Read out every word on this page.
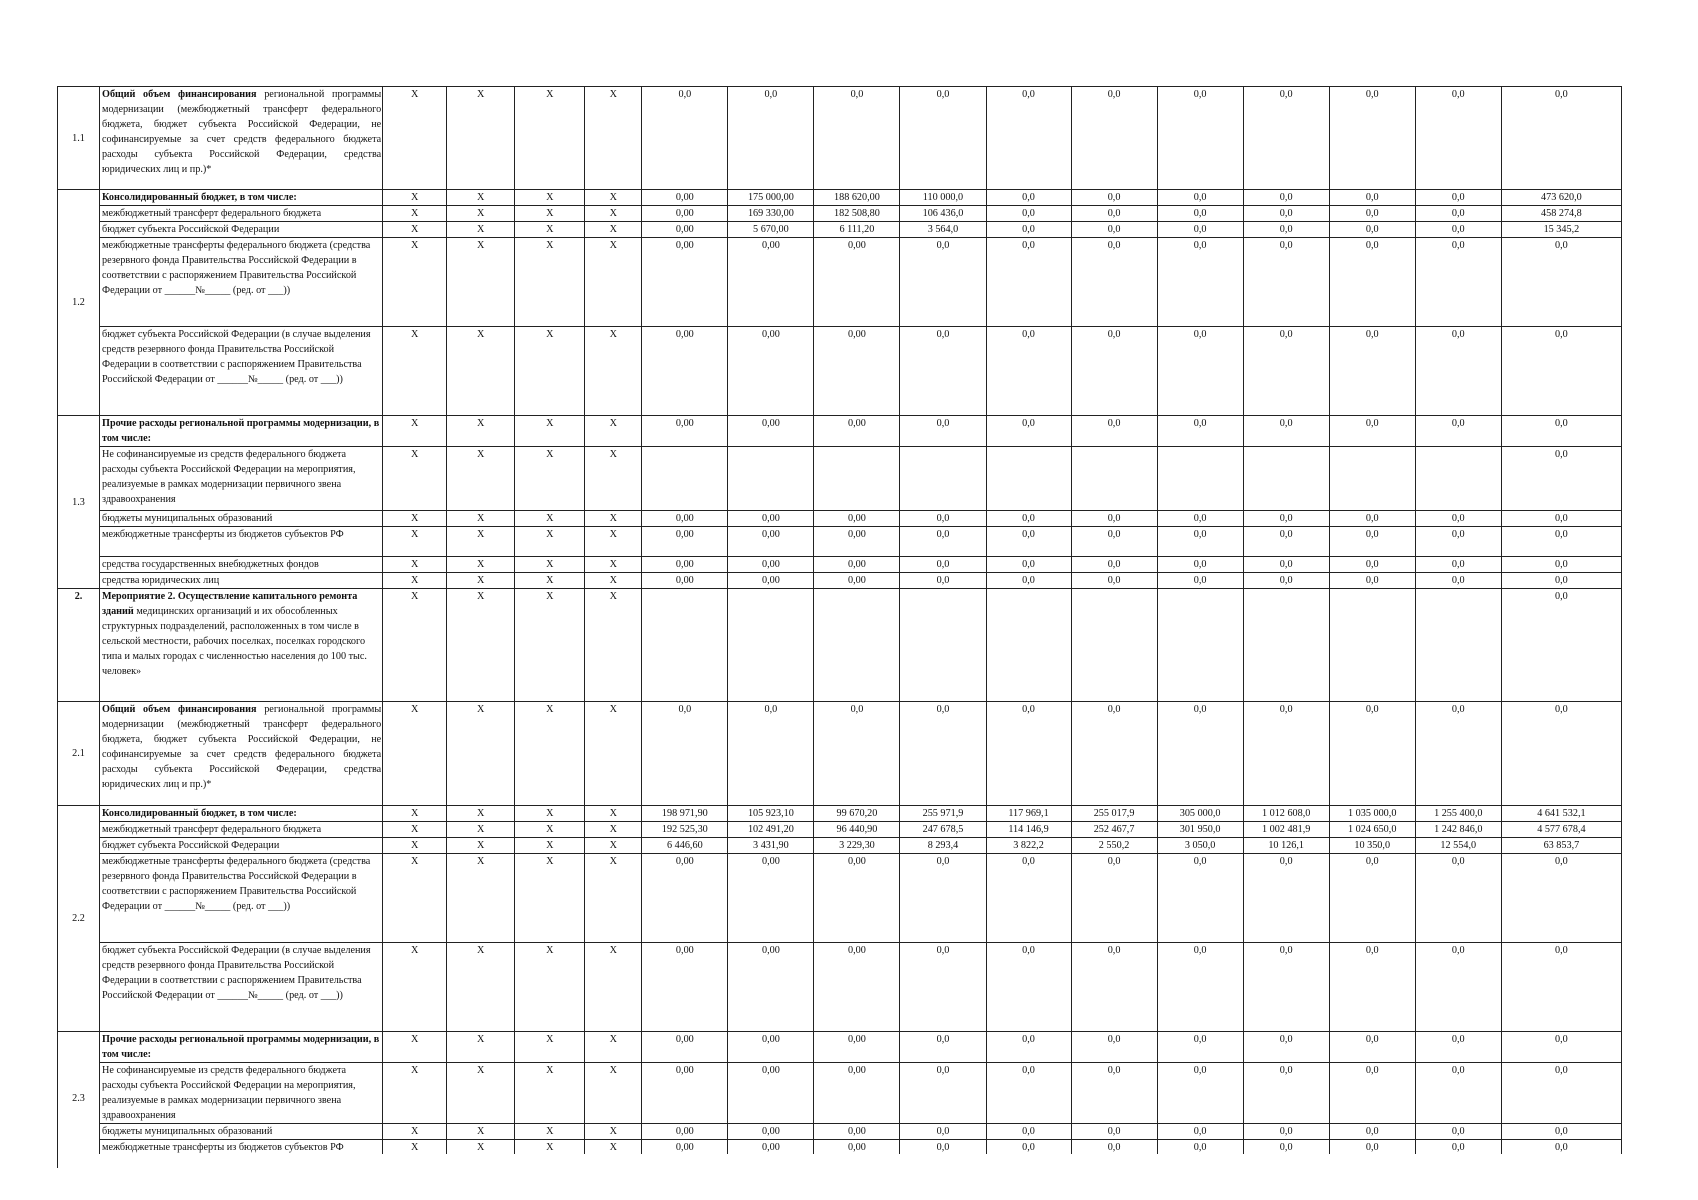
1.1	Общий объем финансирования региональной программы модернизации (межбюджетный трансферт федерального бюджета, бюджет субъекта Российской Федерации, не софинансируемые за счет средств федерального бюджета расходы субъекта Российской Федерации, средства юридических лиц и пр.)*	X	X	X	X	0,0	0,0	0,0	0,0	0,0	0,0	0,0	0,0	0,0	0,0	0,0
1.2	Консолидированный бюджет, в том числе:	X	X	X	X	0,00	175 000,00	188 620,00	110 000,0	0,0	0,0	0,0	0,0	0,0	0,0	473 620,0
	межбюджетный трансферт федерального бюджета	X	X	X	X	0,00	169 330,00	182 508,80	106 436,0	0,0	0,0	0,0	0,0	0,0	0,0	458 274,8
	бюджет субъекта Российской Федерации	X	X	X	X	0,00	5 670,00	6 111,20	3 564,0	0,0	0,0	0,0	0,0	0,0	0,0	15 345,2
	межбюджетные трансферты федерального бюджета (средства резервного фонда Правительства Российской Федерации в соответствии с распоряжением Правительства Российской Федерации от ______№_____ (ред. от ___))	X	X	X	X	0,00	0,00	0,00	0,0	0,0	0,0	0,0	0,0	0,0	0,0	0,0
	бюджет субъекта Российской Федерации (в случае выделения средств резервного фонда Правительства Российской Федерации в соответствии с распоряжением Правительства Российской Федерации от ______№_____ (ред. от ___))	X	X	X	X	0,00	0,00	0,00	0,0	0,0	0,0	0,0	0,0	0,0	0,0	0,0
1.3	Прочие расходы региональной программы модернизации, в том числе:	X	X	X	X	0,00	0,00	0,00	0,0	0,0	0,0	0,0	0,0	0,0	0,0	0,0
	Не софинансируемые из средств федерального бюджета расходы субъекта Российской Федерации на мероприятия, реализуемые в рамках модернизации первичного звена здравоохранения	X	X	X	X											0,0
	бюджеты муниципальных образований	X	X	X	X	0,00	0,00	0,00	0,0	0,0	0,0	0,0	0,0	0,0	0,0	0,0
	межбюджетные трансферты из бюджетов субъектов РФ	X	X	X	X	0,00	0,00	0,00	0,0	0,0	0,0	0,0	0,0	0,0	0,0	0,0
	средства государственных внебюджетных фондов	X	X	X	X	0,00	0,00	0,00	0,0	0,0	0,0	0,0	0,0	0,0	0,0	0,0
	средства юридических лиц	X	X	X	X	0,00	0,00	0,00	0,0	0,0	0,0	0,0	0,0	0,0	0,0	0,0
2.	Мероприятие 2. Осуществление капитального ремонта зданий медицинских организаций и их обособленных структурных подразделений, расположенных в том числе в сельской местности, рабочих поселках, поселках городского типа и малых городах с численностью населения до 100 тыс. человек»	X	X	X	X											0,0
2.1	Общий объем финансирования региональной программы модернизации (межбюджетный трансферт федерального бюджета, бюджет субъекта Российской Федерации, не софинансируемые за счет средств федерального бюджета расходы субъекта Российской Федерации, средства юридических лиц и пр.)*	X	X	X	X	0,0	0,0	0,0	0,0	0,0	0,0	0,0	0,0	0,0	0,0	0,0
2.2	Консолидированный бюджет, в том числе:	X	X	X	X	198 971,90	105 923,10	99 670,20	255 971,9	117 969,1	255 017,9	305 000,0	1 012 608,0	1 035 000,0	1 255 400,0	4 641 532,1
	межбюджетный трансферт федерального бюджета	X	X	X	X	192 525,30	102 491,20	96 440,90	247 678,5	114 146,9	252 467,7	301 950,0	1 002 481,9	1 024 650,0	1 242 846,0	4 577 678,4
	бюджет субъекта Российской Федерации	X	X	X	X	6 446,60	3 431,90	3 229,30	8 293,4	3 822,2	2 550,2	3 050,0	10 126,1	10 350,0	12 554,0	63 853,7
	межбюджетные трансферты федерального бюджета (средства резервного фонда Правительства Российской Федерации в соответствии с распоряжением Правительства Российской Федерации от ______№_____ (ред. от ___))	X	X	X	X	0,00	0,00	0,00	0,0	0,0	0,0	0,0	0,0	0,0	0,0	0,0
	бюджет субъекта Российской Федерации (в случае выделения средств резервного фонда Правительства Российской Федерации в соответствии с распоряжением Правительства Российской Федерации от ______№_____ (ред. от ___))	X	X	X	X	0,00	0,00	0,00	0,0	0,0	0,0	0,0	0,0	0,0	0,0	0,0
2.3	Прочие расходы региональной программы модернизации, в том числе:	X	X	X	X	0,00	0,00	0,00	0,0	0,0	0,0	0,0	0,0	0,0	0,0	0,0
	Не софинансируемые из средств федерального бюджета расходы субъекта Российской Федерации на мероприятия, реализуемые в рамках модернизации первичного звена здравоохранения	X	X	X	X	0,00	0,00	0,00	0,0	0,0	0,0	0,0	0,0	0,0	0,0	0,0
	бюджеты муниципальных образований	X	X	X	X	0,00	0,00	0,00	0,0	0,0	0,0	0,0	0,0	0,0	0,0	0,0
	межбюджетные трансферты из бюджетов субъектов РФ	X	X	X	X	0,00	0,00	0,00	0,0	0,0	0,0	0,0	0,0	0,0	0,0	0,0
